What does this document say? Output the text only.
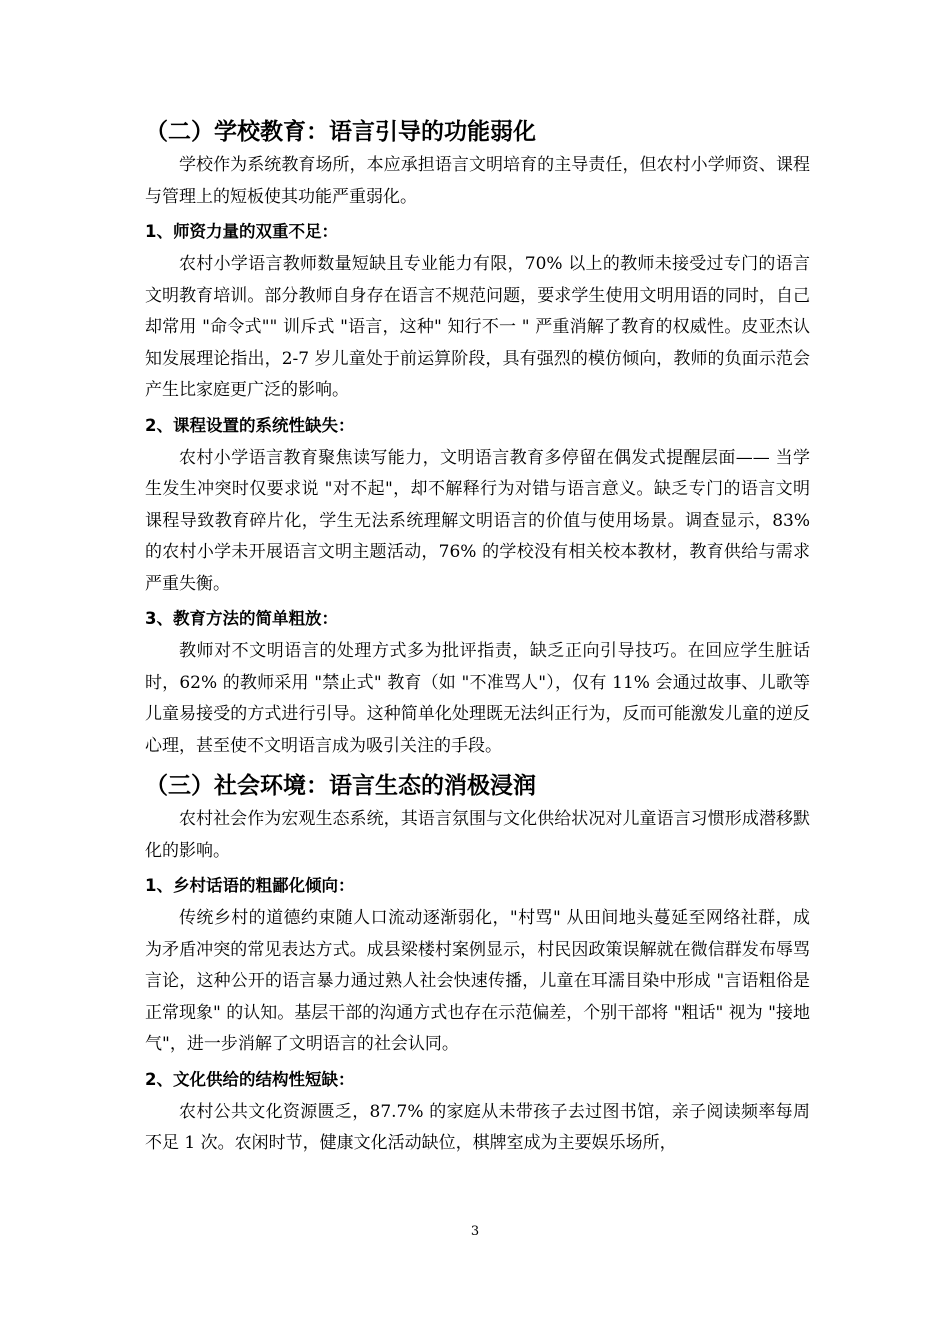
（二）学校教育：语言引导的功能弱化

学校作为系统教育场所，本应承担语言文明培育的主导责任，但农村小学师资、课程与管理上的短板使其功能严重弱化。

1、师资力量的双重不足：

农村小学语言教师数量短缺且专业能力有限，70% 以上的教师未接受过专门的语言文明教育培训。部分教师自身存在语言不规范问题，要求学生使用文明用语的同时，自己却常用 "命令式"" 训斥式 "语言，这种" 知行不一 " 严重消解了教育的权威性。皮亚杰认知发展理论指出，2-7 岁儿童处于前运算阶段，具有强烈的模仿倾向，教师的负面示范会产生比家庭更广泛的影响。

2、课程设置的系统性缺失：

农村小学语言教育聚焦读写能力，文明语言教育多停留在偶发式提醒层面—— 当学生发生冲突时仅要求说 "对不起"，却不解释行为对错与语言意义。缺乏专门的语言文明课程导致教育碎片化，学生无法系统理解文明语言的价值与使用场景。调查显示，83% 的农村小学未开展语言文明主题活动，76% 的学校没有相关校本教材，教育供给与需求严重失衡。

3、教育方法的简单粗放：

教师对不文明语言的处理方式多为批评指责，缺乏正向引导技巧。在回应学生脏话时，62% 的教师采用 "禁止式" 教育（如 "不准骂人"），仅有 11% 会通过故事、儿歌等儿童易接受的方式进行引导。这种简单化处理既无法纠正行为，反而可能激发儿童的逆反心理，甚至使不文明语言成为吸引关注的手段。

（三）社会环境：语言生态的消极浸润

农村社会作为宏观生态系统，其语言氛围与文化供给状况对儿童语言习惯形成潜移默化的影响。

1、乡村话语的粗鄙化倾向：

传统乡村的道德约束随人口流动逐渐弱化，"村骂" 从田间地头蔓延至网络社群，成为矛盾冲突的常见表达方式。成县梁楼村案例显示，村民因政策误解就在微信群发布辱骂言论，这种公开的语言暴力通过熟人社会快速传播，儿童在耳濡目染中形成 "言语粗俗是正常现象" 的认知。基层干部的沟通方式也存在示范偏差，个别干部将 "粗话" 视为 "接地气"，进一步消解了文明语言的社会认同。

2、文化供给的结构性短缺：

农村公共文化资源匮乏，87.7% 的家庭从未带孩子去过图书馆，亲子阅读频率每周不足 1 次。农闲时节，健康文化活动缺位，棋牌室成为主要娱乐场所，

3
